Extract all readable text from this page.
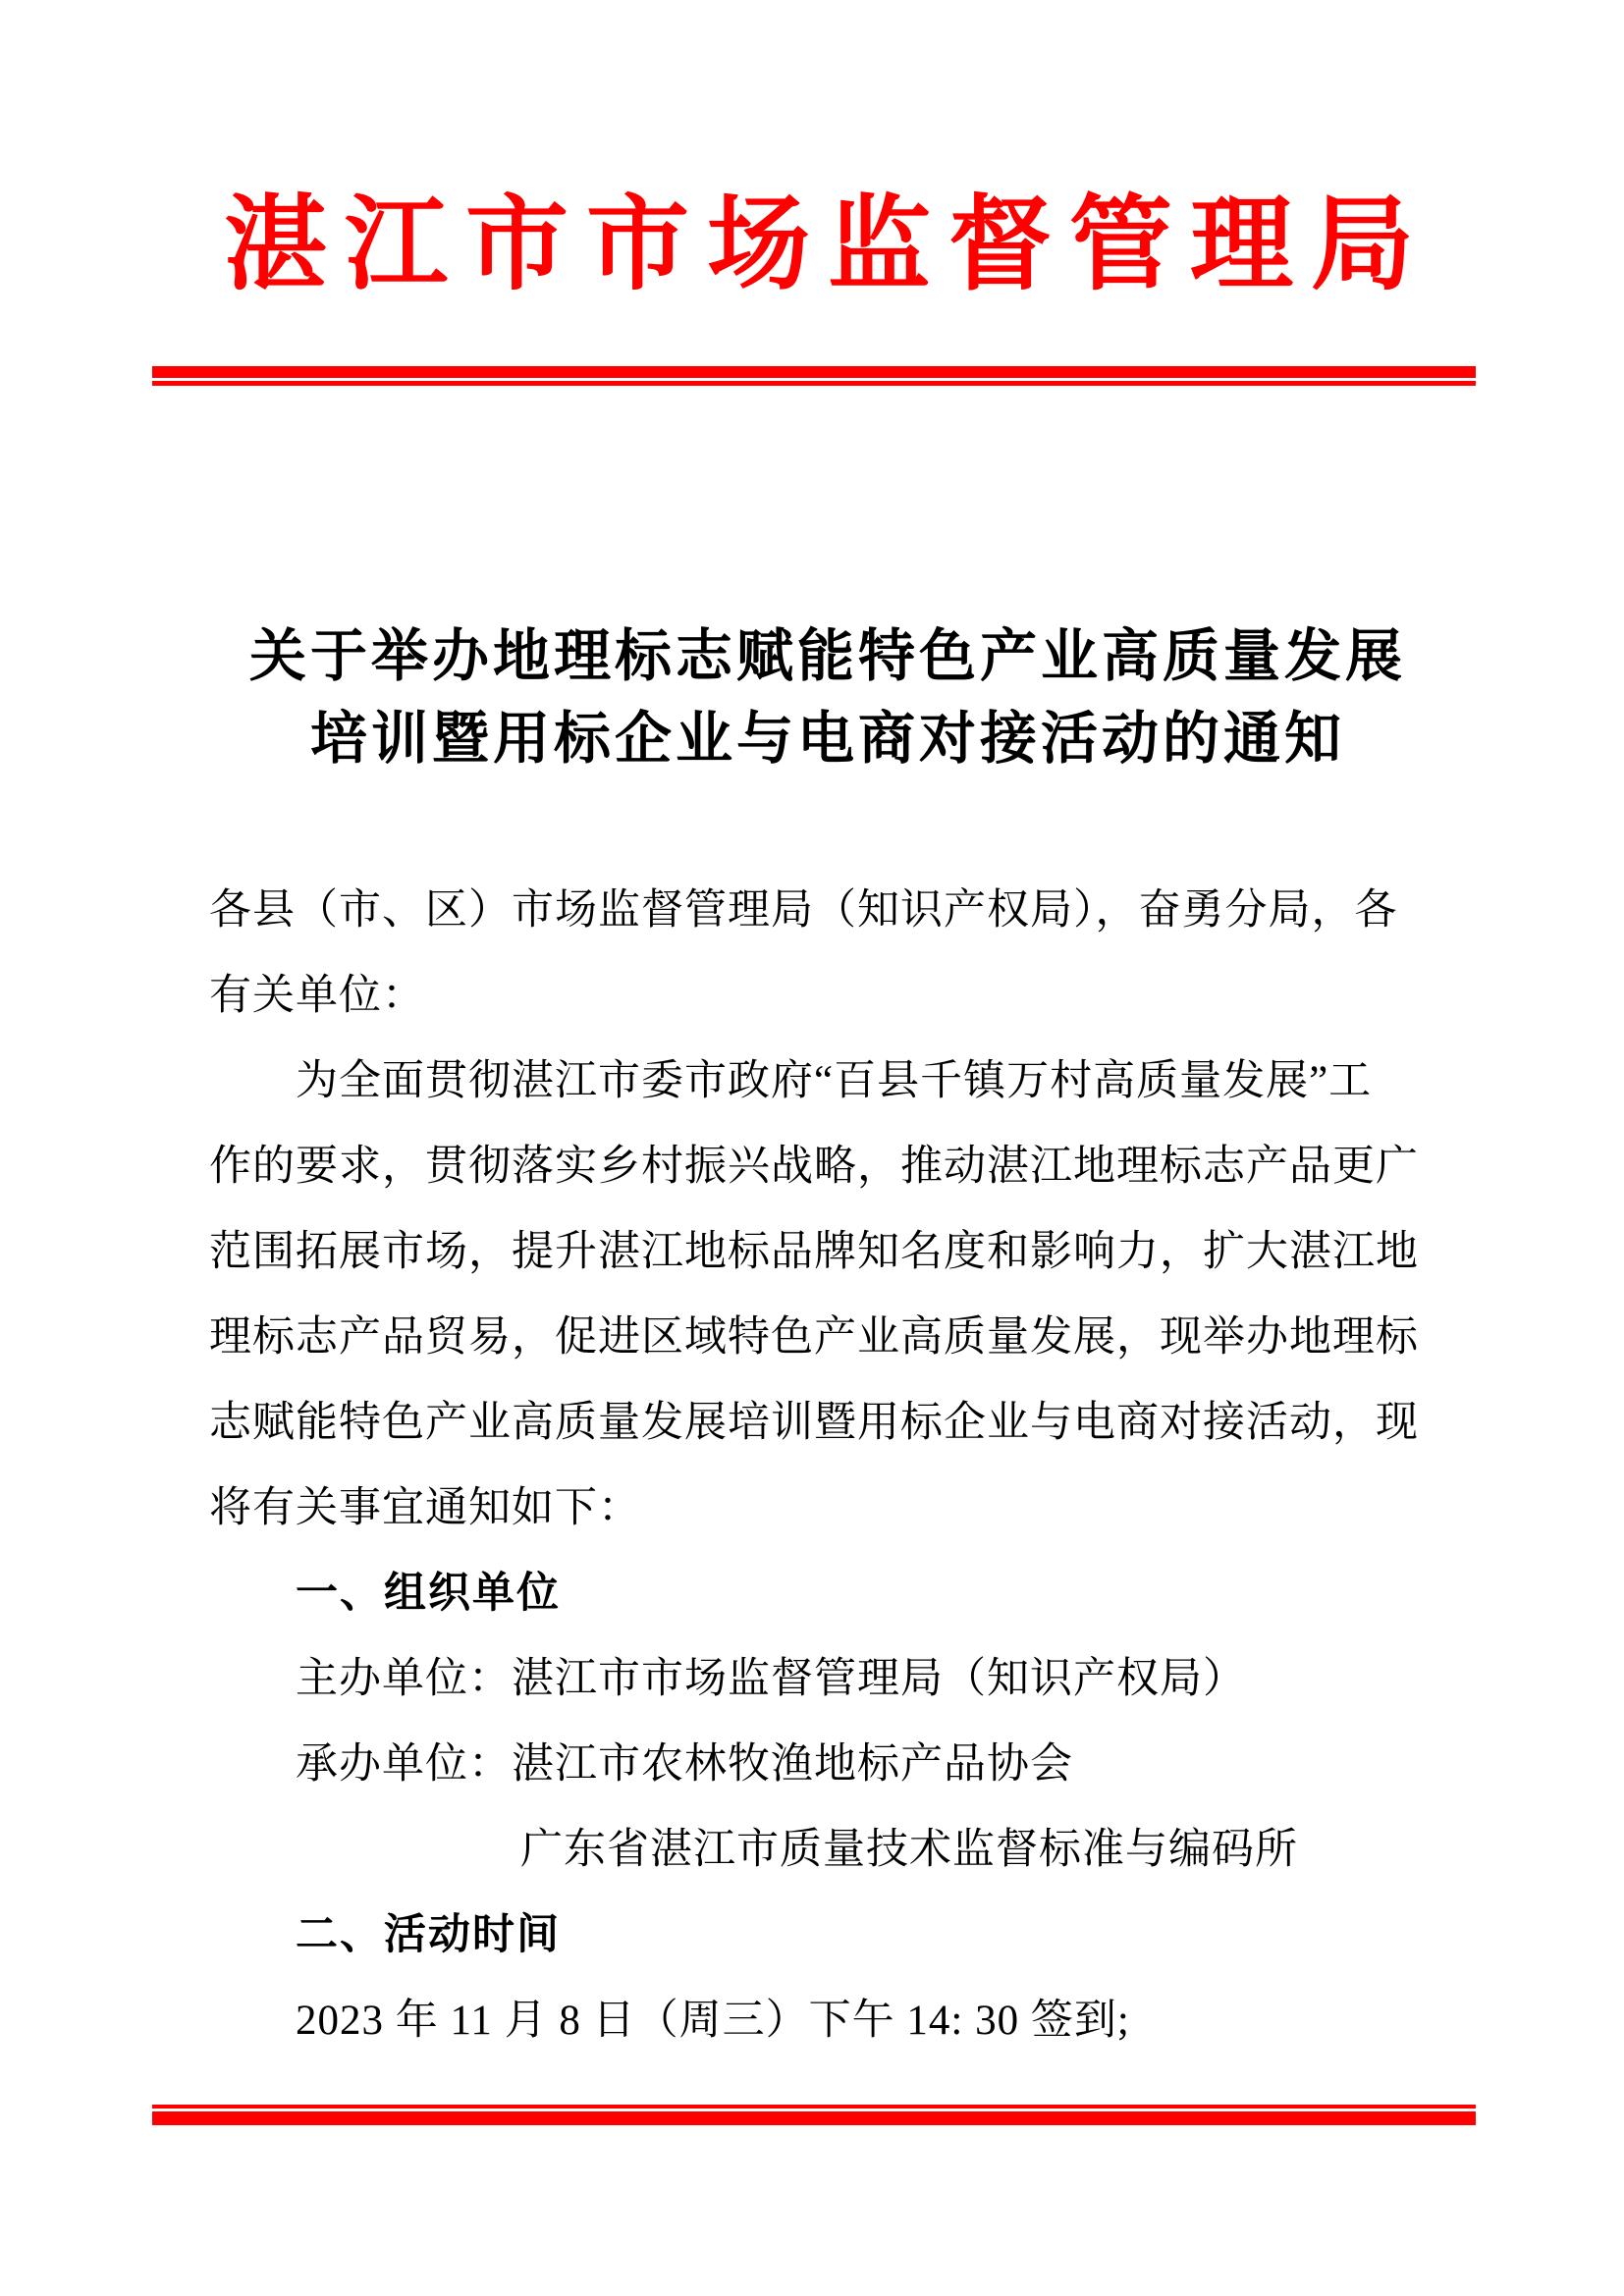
湛江市市场监督管理局
关于举办地理标志赋能特色产业高质量发展
培训暨用标企业与电商对接活动的通知
各县（市、区）市场监督管理局（知识产权局），奋勇分局，各
有关单位：
为全面贯彻湛江市委市政府“百县千镇万村高质量发展”工
作的要求，贯彻落实乡村振兴战略，推动湛江地理标志产品更广
范围拓展市场，提升湛江地标品牌知名度和影响力，扩大湛江地
理标志产品贸易，促进区域特色产业高质量发展，现举办地理标
志赋能特色产业高质量发展培训暨用标企业与电商对接活动，现
将有关事宜通知如下：
一、组织单位
主办单位：湛江市市场监督管理局（知识产权局）
承办单位：湛江市农林牧渔地标产品协会
广东省湛江市质量技术监督标准与编码所
二、活动时间
2023 年 11 月 8 日（周三）下午 14: 30 签到;
